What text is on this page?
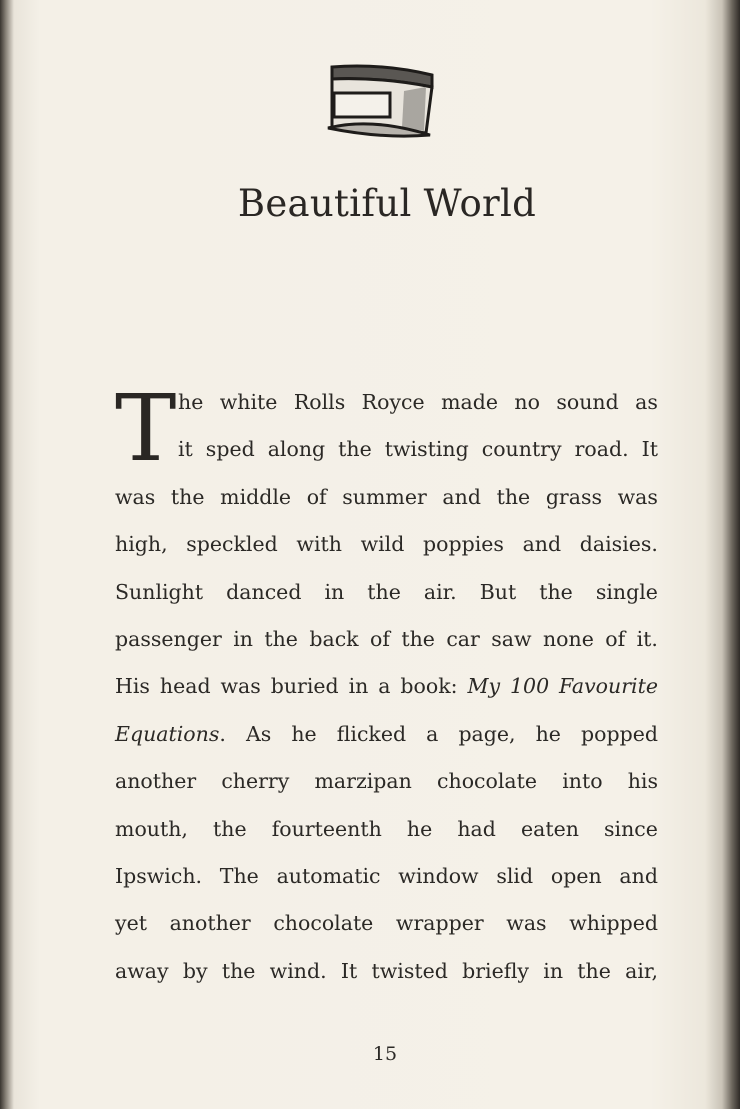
Beautiful World
T he white Rolls Royce made no sound as
it sped along the twisting country road. It
was the middle of summer and the grass was
high, speckled with wild poppies and daisies.
Sunlight danced in the air. But the single
passenger in the back of the car saw none of it.
His head was buried in a book: My 100 Favourite
Equations. As he flicked a page, he popped
another cherry marzipan chocolate into his
mouth, the fourteenth he had eaten since
Ipswich. The automatic window slid open and
yet another chocolate wrapper was whipped
away by the wind. It twisted briefly in the air,
15
